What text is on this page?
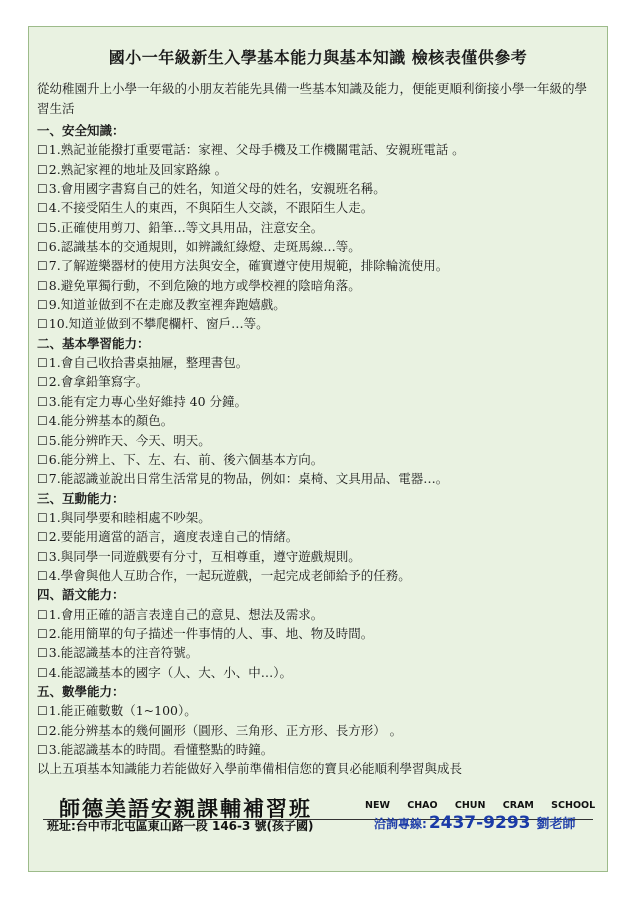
國小一年級新生入學基本能力與基本知識 檢核表僅供參考
從幼稚園升上小學一年級的小朋友若能先具備一些基本知識及能力，便能更順利銜接小學一年級的學習生活
一、安全知識：
☐1.熟記並能撥打重要電話：家裡、父母手機及工作機關電話、安親班電話 。
☐2.熟記家裡的地址及回家路線 。
☐3.會用國字書寫自己的姓名，知道父母的姓名，安親班名稱。
☐4.不接受陌生人的東西，不與陌生人交談，不跟陌生人走。
☐5.正確使用剪刀、鉛筆…等文具用品，注意安全。
☐6.認識基本的交通規則，如辨識紅綠燈、走斑馬線…等。
☐7.了解遊樂器材的使用方法與安全，確實遵守使用規範，排除輪流使用。
☐8.避免單獨行動，不到危險的地方或學校裡的陰暗角落。
☐9.知道並做到不在走廊及教室裡奔跑嬉戲。
☐10.知道並做到不攀爬欄杆、窗戶…等。
二、基本學習能力：
☐1.會自己收拾書桌抽屜，整理書包。
☐2.會拿鉛筆寫字。
☐3.能有定力專心坐好維持 40 分鐘。
☐4.能分辨基本的顏色。
☐5.能分辨昨天、今天、明天。
☐6.能分辨上、下、左、右、前、後六個基本方向。
☐7.能認識並說出日常生活常見的物品，例如：桌椅、文具用品、電器…。
三、互動能力：
☐1.與同學要和睦相處不吵架。
☐2.要能用適當的語言，適度表達自己的情緒。
☐3.與同學一同遊戲要有分寸，互相尊重，遵守遊戲規則。
☐4.學會與他人互助合作，一起玩遊戲，一起完成老師給予的任務。
四、語文能力：
☐1.會用正確的語言表達自己的意見、想法及需求。
☐2.能用簡單的句子描述一件事情的人、事、地、物及時間。
☐3.能認識基本的注音符號。
☐4.能認識基本的國字（人、大、小、中…）。
五、數學能力：
☐1.能正確數數（1~100）。
☐2.能分辨基本的幾何圖形（圓形、三角形、正方形、長方形） 。
☐3.能認識基本的時間。看懂整點的時鐘。
以上五項基本知識能力若能做好入學前準備相信您的寶貝必能順利學習與成長
師德美語安親課輔補習班	NEW CHAO CHUN CRAM SCHOOL
班址:台中市北屯區東山路一段 146-3 號(孩子國)	洽詢專線: 2437-9293 劉老師
